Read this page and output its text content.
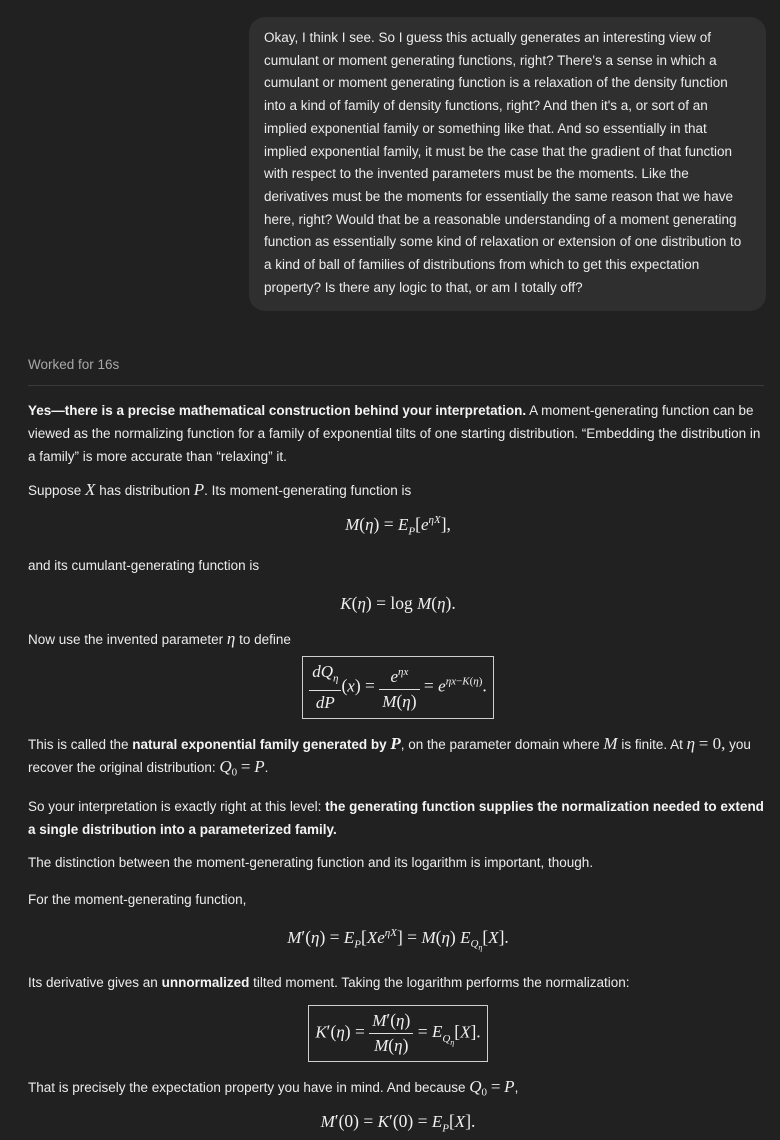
Okay, I think I see. So I guess this actually generates an interesting view of cumulant or moment generating functions, right? There's a sense in which a cumulant or moment generating function is a relaxation of the density function into a kind of family of density functions, right? And then it's a, or sort of an implied exponential family or something like that. And so essentially in that implied exponential family, it must be the case that the gradient of that function with respect to the invented parameters must be the moments. Like the derivatives must be the moments for essentially the same reason that we have here, right? Would that be a reasonable understanding of a moment generating function as essentially some kind of relaxation or extension of one distribution to a kind of ball of families of distributions from which to get this expectation property? Is there any logic to that, or am I totally off?
Worked for 16s

Yes—there is a precise mathematical construction behind your interpretation. A moment-generating function can be viewed as the normalizing function for a family of exponential tilts of one starting distribution. “Embedding the distribution in a family” is more accurate than “relaxing” it.

Suppose X has distribution P. Its moment-generating function is

$M(\eta) = E_P[e^{\eta X}]$,

and its cumulant-generating function is

K(η) = log M(η).

Now use the invented parameter η to define

$\frac{dQ_\eta}{dP} (x) = \frac{e^{\eta x}}{M(\eta)} = e^{\eta x-K(\eta)}$.

This is called the natural exponential family generated by P, on the parameter domain where M is finite. At η = 0, you recover the original distribution: $Q_0 = P$.

So your interpretation is exactly right at this level: the generating function supplies the normalization needed to extend a single distribution into a parameterized family.

The distinction between the moment-generating function and its logarithm is important, though.

For the moment-generating function,

$M'(\eta) = E_P[Xe^{\eta X}] = M(\eta)$ $E_{Q_\eta}[X]$.

Its derivative gives an unnormalized tilted moment. Taking the logarithm performs the normalization:

$K'(\eta) = \frac{M'(\eta)}{M(\eta)} = E_{Q_\eta}[X]$.

That is precisely the expectation property you have in mind. And because $Q_0 = P$,

$M'(0) = K'(0) = E_P[X]$.
